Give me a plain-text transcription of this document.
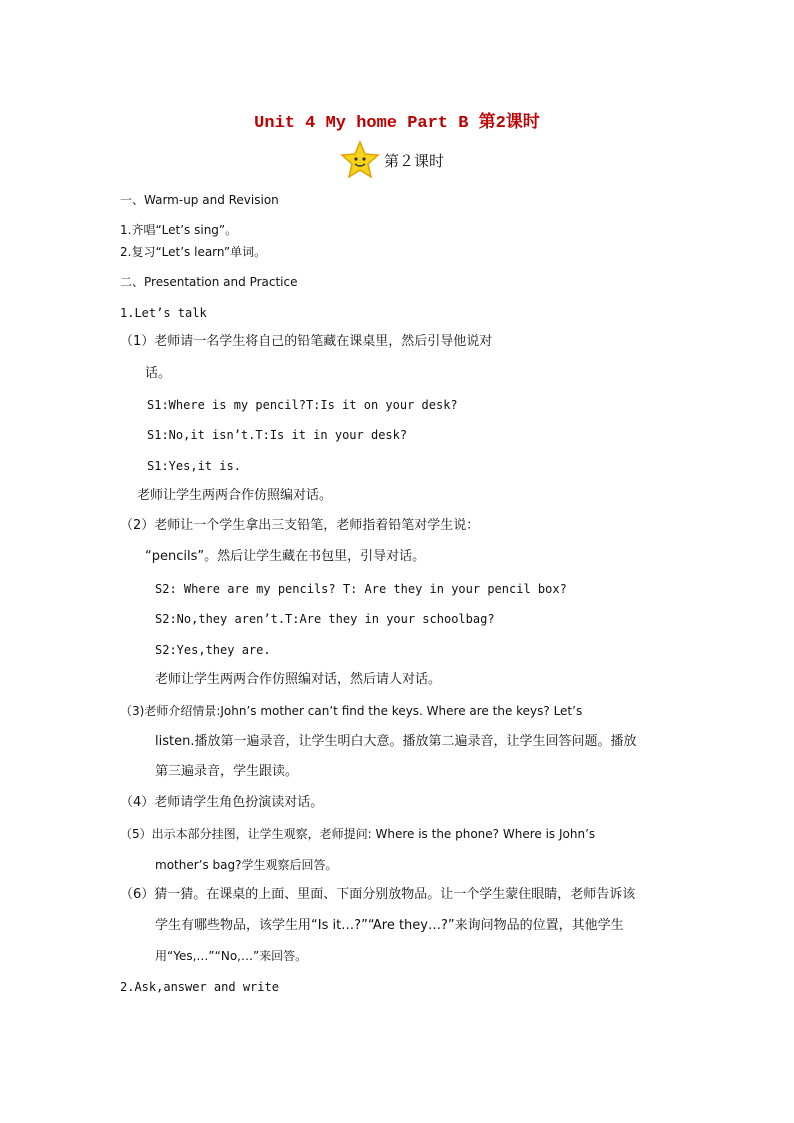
Unit 4 My home Part B 第2课时
第２课时
一、Warm-up and Revision
1.齐唱“Let’s sing”。
2.复习“Let’s learn”单词。
二、Presentation and Practice
1.Let’s talk
（1）老师请一名学生将自己的铅笔藏在课桌里，然后引导他说对
话。
S1:Where is my pencil?T:Is it on your desk?
S1:No,it isn’t.T:Is it in your desk?
S1:Yes,it is.
老师让学生两两合作仿照编对话。
（2）老师让一个学生拿出三支铅笔，老师指着铅笔对学生说：
“pencils”。然后让学生藏在书包里，引导对话。
S2: Where are my pencils? T: Are they in your pencil box?
S2:No,they aren’t.T:Are they in your schoolbag?
S2:Yes,they are.
老师让学生两两合作仿照编对话，然后请人对话。
（3)老师介绍情景:John’s mother can’t find the keys. Where are the keys? Let’s
listen.播放第一遍录音，让学生明白大意。播放第二遍录音，让学生回答问题。播放
第三遍录音，学生跟读。
（4）老师请学生角色扮演读对话。
（5）出示本部分挂图，让学生观察，老师提问: Where is the phone? Where is John’s
mother’s bag?学生观察后回答。
（6）猜一猜。在课桌的上面、里面、下面分别放物品。让一个学生蒙住眼睛，老师告诉该
学生有哪些物品，该学生用“Is it…?”“Are they…?”来询问物品的位置，其他学生
用“Yes,…”“No,…”来回答。
2.Ask,answer and write
